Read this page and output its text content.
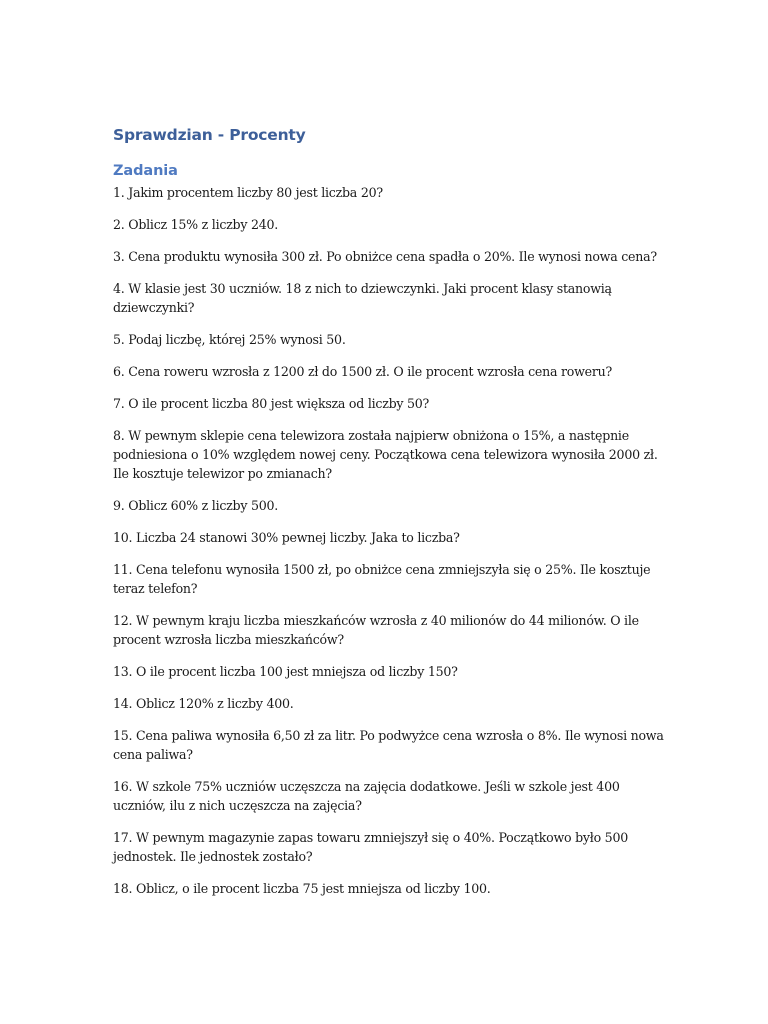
Sprawdzian - Procenty
Zadania

1. Jakim procentem liczby 80 jest liczba 20?

2. Oblicz 15% z liczby 240.

3. Cena produktu wynosiła 300 zł. Po obniżce cena spadła o 20%. Ile wynosi nowa cena?

4. W klasie jest 30 uczniów. 18 z nich to dziewczynki. Jaki procent klasy stanowią dziewczynki?

5. Podaj liczbę, której 25% wynosi 50.

6. Cena roweru wzrosła z 1200 zł do 1500 zł. O ile procent wzrosła cena roweru?

7. O ile procent liczba 80 jest większa od liczby 50?

8. W pewnym sklepie cena telewizora została najpierw obniżona o 15%, a następnie podniesiona o 10% względem nowej ceny. Początkowa cena telewizora wynosiła 2000 zł. Ile kosztuje telewizor po zmianach?

9. Oblicz 60% z liczby 500.

10. Liczba 24 stanowi 30% pewnej liczby. Jaka to liczba?

11. Cena telefonu wynosiła 1500 zł, po obniżce cena zmniejszyła się o 25%. Ile kosztuje teraz telefon?

12. W pewnym kraju liczba mieszkańców wzrosła z 40 milionów do 44 milionów. O ile procent wzrosła liczba mieszkańców?

13. O ile procent liczba 100 jest mniejsza od liczby 150?

14. Oblicz 120% z liczby 400.

15. Cena paliwa wynosiła 6,50 zł za litr. Po podwyżce cena wzrosła o 8%. Ile wynosi nowa cena paliwa?

16. W szkole 75% uczniów uczęszcza na zajęcia dodatkowe. Jeśli w szkole jest 400 uczniów, ilu z nich uczęszcza na zajęcia?

17. W pewnym magazynie zapas towaru zmniejszył się o 40%. Początkowo było 500 jednostek. Ile jednostek zostało?

18. Oblicz, o ile procent liczba 75 jest mniejsza od liczby 100.
